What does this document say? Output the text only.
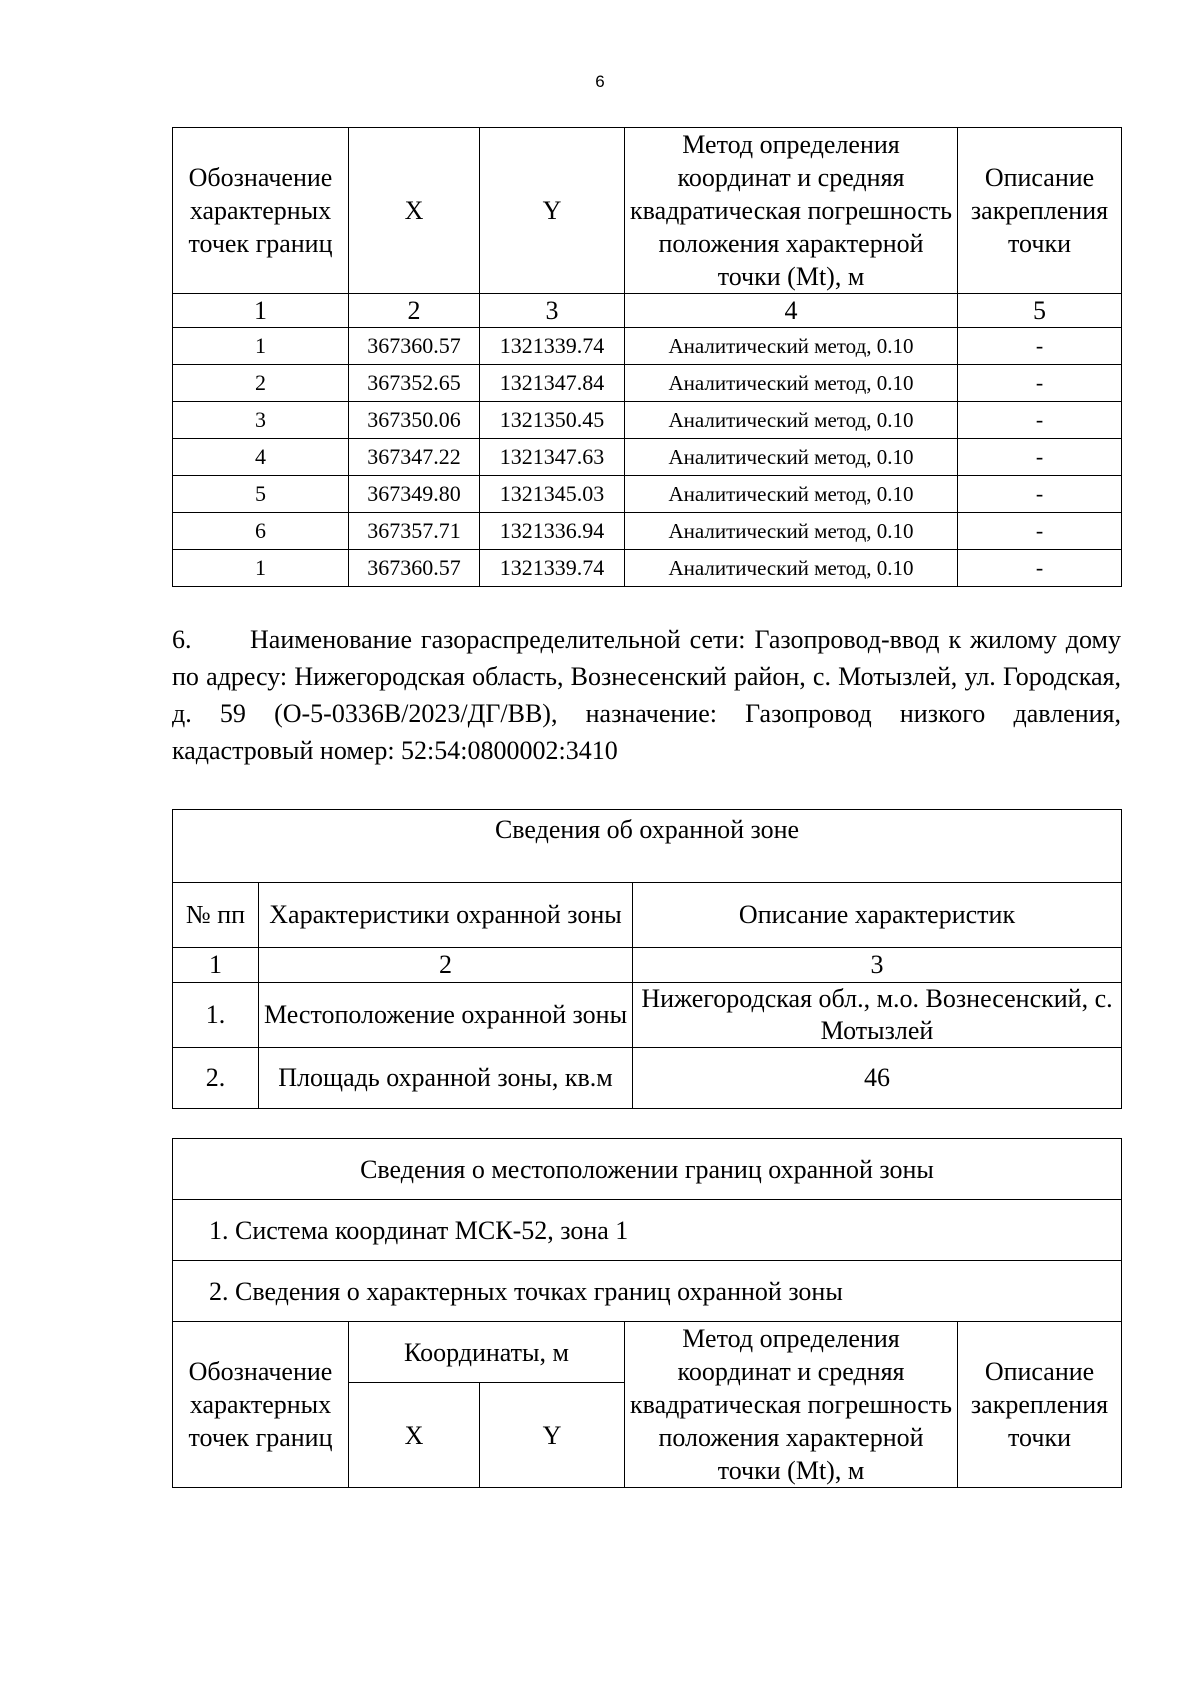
6
Обозначение характерных точек границ	X	Y	Метод определения координат и средняя квадратическая погрешность положения характерной точки (Mt), м	Описание закрепления точки
1	2	3	4	5
1	367360.57	1321339.74	Аналитический метод, 0.10	-
2	367352.65	1321347.84	Аналитический метод, 0.10	-
3	367350.06	1321350.45	Аналитический метод, 0.10	-
4	367347.22	1321347.63	Аналитический метод, 0.10	-
5	367349.80	1321345.03	Аналитический метод, 0.10	-
6	367357.71	1321336.94	Аналитический метод, 0.10	-
1	367360.57	1321339.74	Аналитический метод, 0.10	-

6. Наименование газораспределительной сети: Газопровод-ввод к жилому дому по адресу: Нижегородская область, Вознесенский район, с. Мотызлей, ул. Городская, д. 59 (О-5-0336В/2023/ДГ/ВВ), назначение: Газопровод низкого давления, кадастровый номер: 52:54:0800002:3410

Сведения об охранной зоне		
№ пп	Характеристики охранной зоны	Описание характеристик
1	2	3
1.	Местоположение охранной зоны	Нижегородская обл., м.о. Вознесенский, с. Мотызлей
2.	Площадь охранной зоны, кв.м	46
Сведения о местоположении границ охранной зоны				
1. Система координат МСК-52, зона 1				
2. Сведения о характерных точках границ охранной зоны				
Обозначение характерных точек границ	Координаты, м		Метод определения координат и средняя квадратическая погрешность положения характерной точки (Mt), м	Описание закрепления точки
	X	Y		
